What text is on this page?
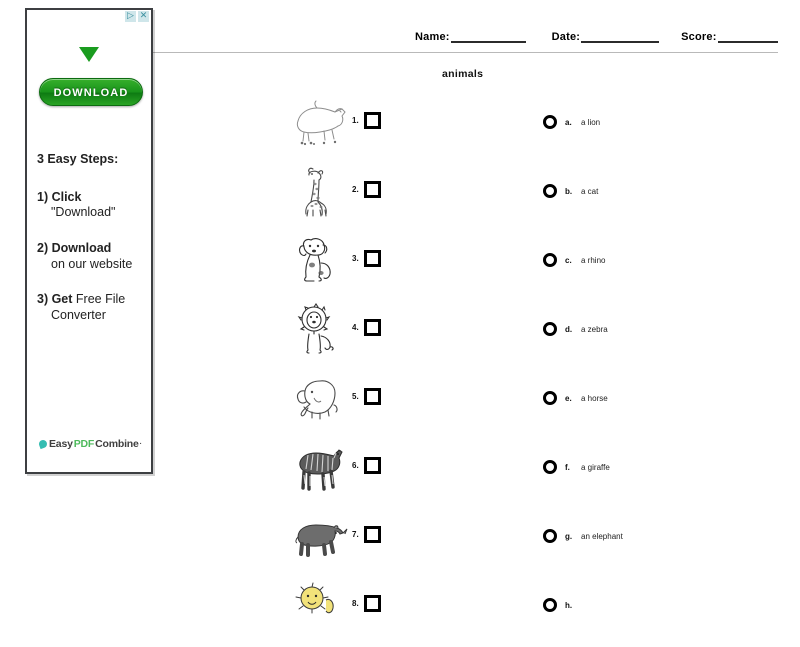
Name:	Date:	Score:
animals
1.
2.
3.
4.
5.
6.
7.
8.
a. a lion
b. a cat
c. a rhino
d. a zebra
e. a horse
f. a giraffe
g. an elephant
h.
▷ ✕
DOWNLOAD
3 Easy Steps:
1) Click
"Download"
2) Download
on our website
3) Get Free File
Converter
Easy PDF Combine ·
